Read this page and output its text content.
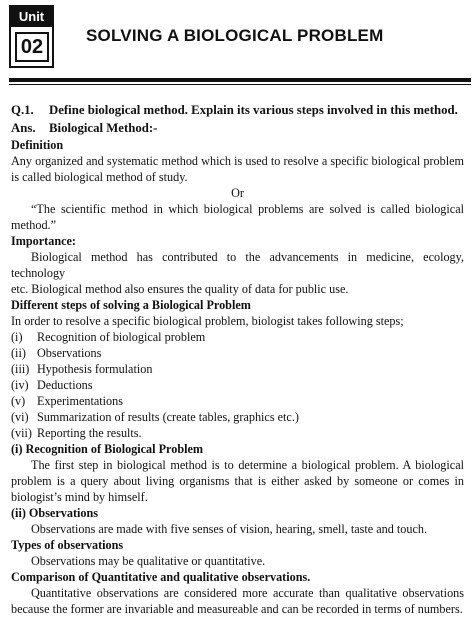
Unit
02
SOLVING A BIOLOGICAL PROBLEM

Q.1.	Define biological method. Explain its various steps involved in this method.

Ans.	Biological Method:-

Definition

Any organized and systematic method which is used to resolve a specific biological problem

is called biological method of study.

Or

“The scientific method in which biological problems are solved is called biological

method.”

Importance:

Biological method has contributed to the advancements in medicine, ecology, technology

etc. Biological method also ensures the quality of data for public use.

Different steps of solving a Biological Problem

In order to resolve a specific biological problem, biologist takes following steps;

(i)	Recognition of biological problem
(ii) Observations
(iii) Hypothesis formulation
(iv) Deductions
(v) Experimentations
(vi) Summarization of results (create tables, graphics etc.)
(vii) Reporting the results.

(i) Recognition of Biological Problem

The first step in biological method is to determine a biological problem. A biological

problem is a query about living organisms that is either asked by someone or comes in

biologist’s mind by himself.

(ii) Observations

Observations are made with five senses of vision, hearing, smell, taste and touch.

Types of observations

Observations may be qualitative or quantitative.

Comparison of Quantitative and qualitative observations.

Quantitative observations are considered more accurate than qualitative observations

because the former are invariable and measureable and can be recorded in terms of numbers.
